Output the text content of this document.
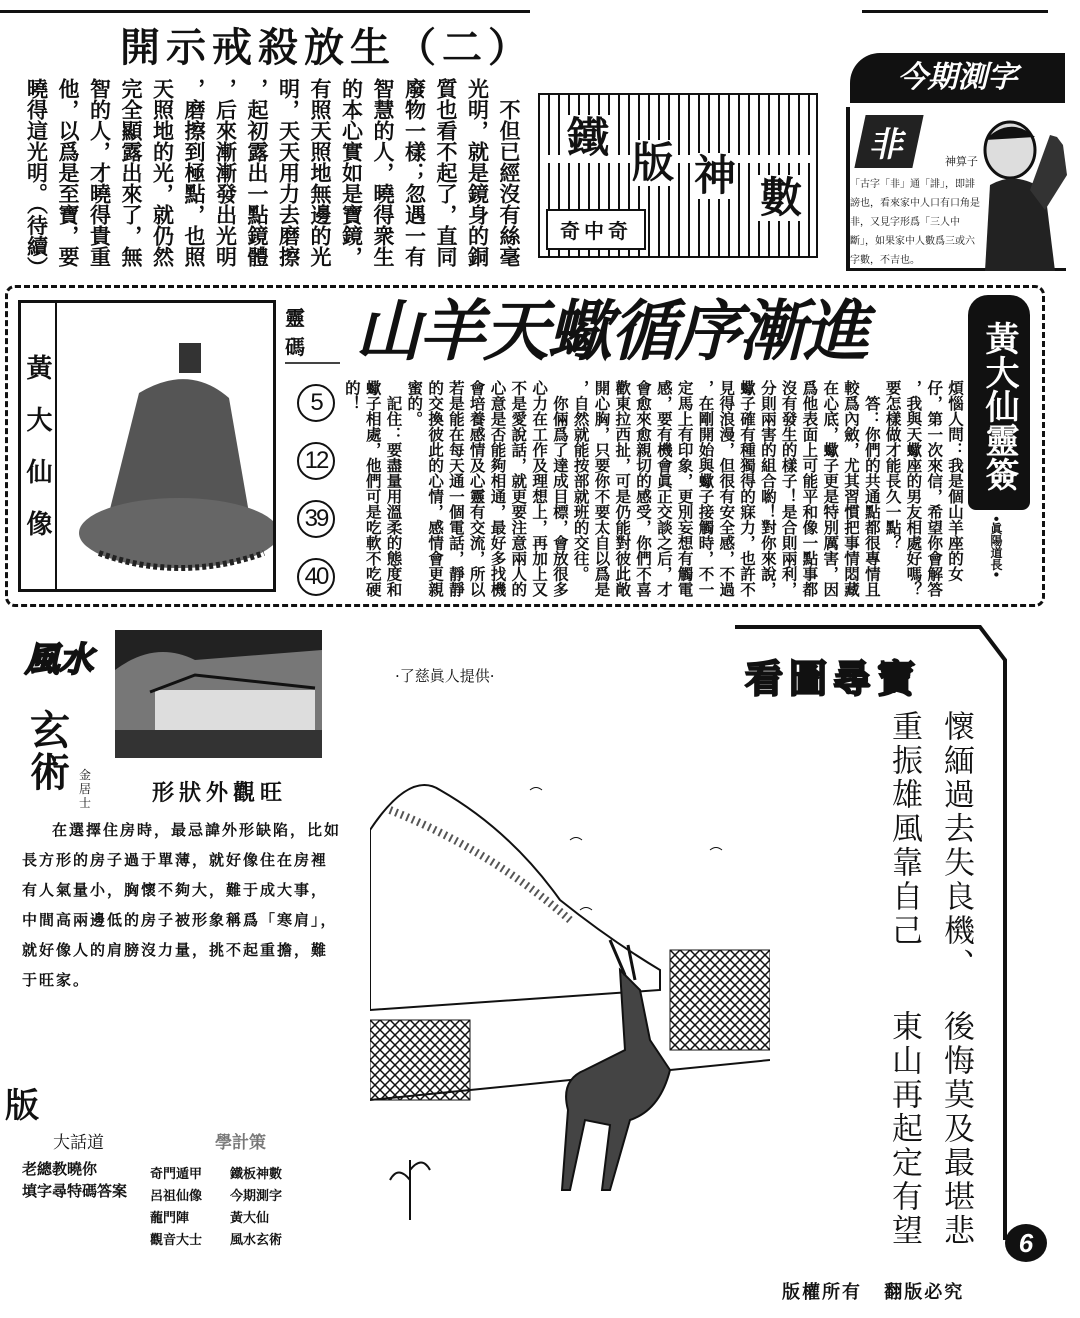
開示戒殺放生（二）
　不但已經沒有絲毫
光明，就是鏡身的銅
質也看不起了，直同
廢物一樣；忽遇一有
智慧的人，曉得衆生
的本心實如是寶鏡，
有照天照地無邊的光
明，天天用力去磨擦
，起初露出一點鏡體
，后來漸漸發出光明
，磨擦到極點，也照
天照地的光，就仍然
完全顯露出來了，無
智的人，才曉得貴重
他，以爲是至寶，要
曉得這光明。（待續）	鐵
版 神 數
奇中奇
今期測字
非	神算子
「古字「非」通「誹」，即誹謗也，看來家中人口有口角是非，又見字形爲「三人中斷」，如果家中人數爲三或六字數，不吉也。
黃大仙像
靈碼
5
12
39
40
山羊天蠍循序漸進
煩惱人問：我是個山羊座的女
仔，第一次來信，希望你會解答
，我與天蠍座的男友相處好嗎？
要怎樣做才能長久一點？
　答：你們的共通點都很專情且
較爲內斂，尤其習慣把事情悶藏
在心底，蠍子更是特別厲害，因
爲他表面上可能平和像一點事都
沒有發生的樣子！是合則兩利，
分則兩害的組合喲！對你來說，
蠍子確有種獨得的寐力，也許不
見得浪漫，但很有安全感，不過
，在剛開始與蠍子接觸時，不一
定馬上有印象，更別妄想有觸電
感，要有機會眞正交談之后，才
會愈來愈親切的感受，你們不喜
歡東拉西扯，可是仍能對彼此敞
開心胸，只要你不要太自以爲是
，自然就能按部就班的交往。
　你倆爲了達成目標，會放很多
心力在工作及理想上，再加上又
不是愛說話，就更要注意兩人的
心意是否能夠相通，最好多找機
會培養感情及心靈有交流，所以
若是能在每天通一個電話，靜靜
的交換彼此的心情，感情會更親
蜜的。
　記住：要盡量用溫柔的態度和
蠍子相處，他們可是吃軟不吃硬
的！	黃大仙靈簽
•眞陽道長•
風水
玄術 金居士	形狀外觀旺

在選擇住房時，最忌諱外形缺陷，比如長方形的房子過于單薄，就好像住在房裡有人氣量小，胸懷不夠大，難于成大事，中間高兩邊低的房子被形象稱爲「寒肩」，就好像人的肩膀沒力量，挑不起重擔，難于旺家。

版
大話道	學計策
老總教曉你
填字尋特碼答案
奇門遁甲	鐵板神數
呂祖仙像	今期測字
蘢門陣	黃大仙
觀音大士	風水玄術
看圖尋寶
·了慈眞人提供·
懷緬過去失良機、
後悔莫及最堪悲
重振雄風靠自己
東山再起定有望	6
版權所有 翻版必究
